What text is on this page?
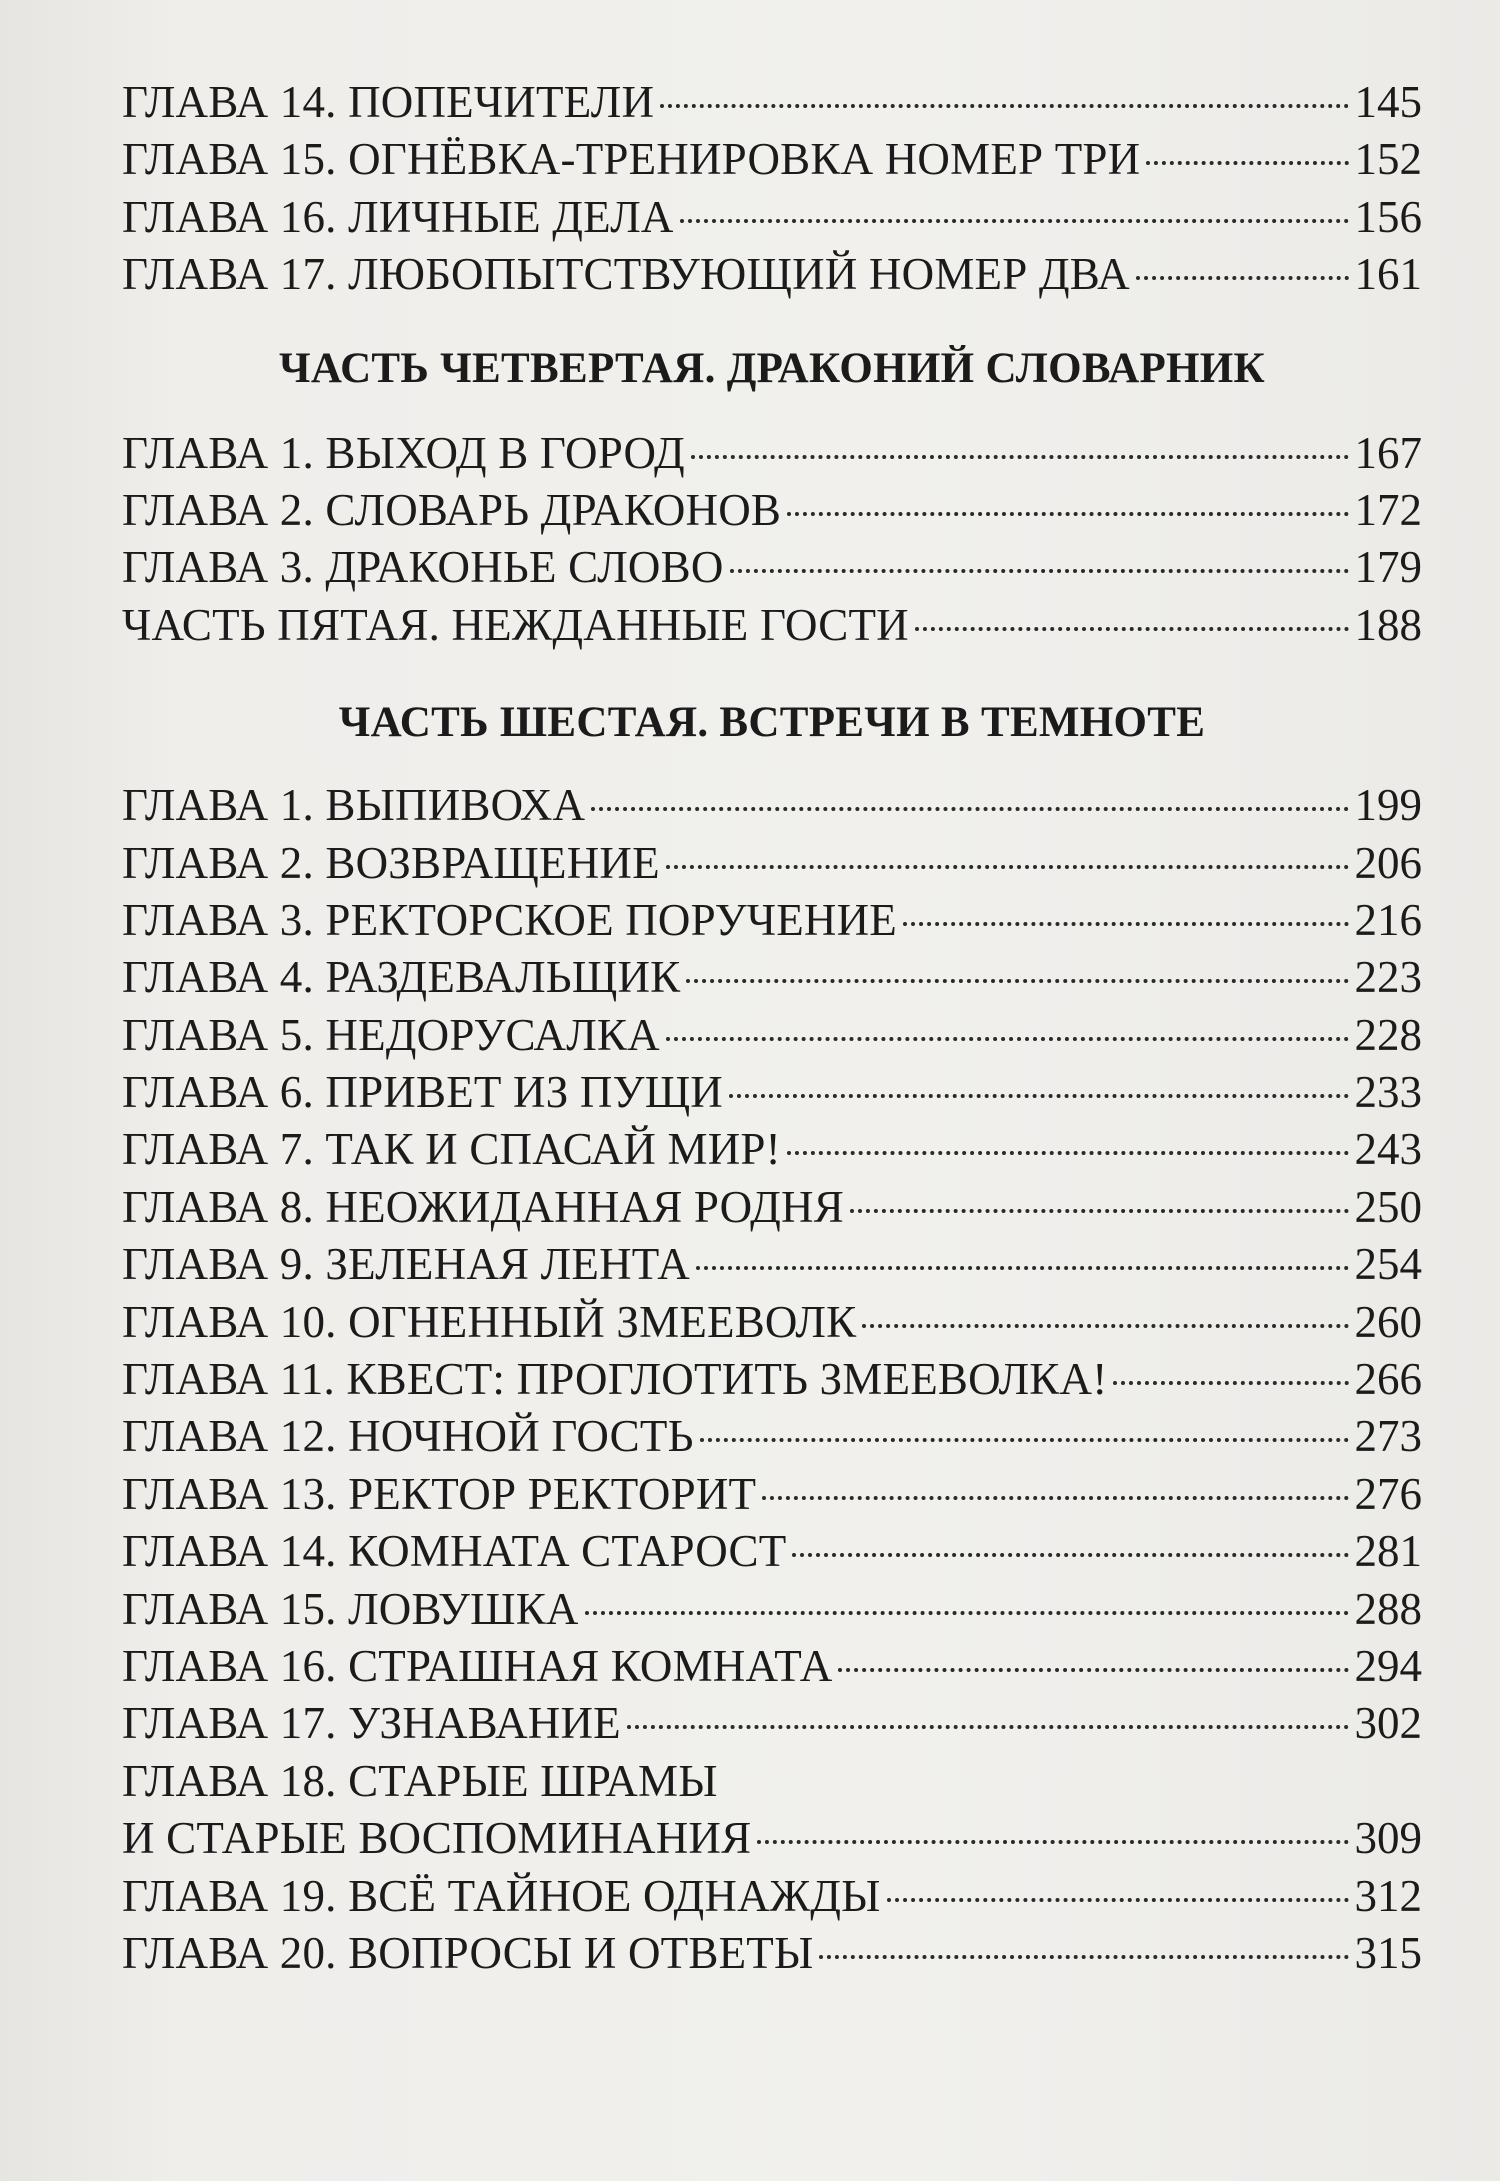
ГЛАВА 14. ПОПЕЧИТЕЛИ	145
ГЛАВА 15. ОГНЁВКА-ТРЕНИРОВКА НОМЕР ТРИ	152
ГЛАВА 16. ЛИЧНЫЕ ДЕЛА	156
ГЛАВА 17. ЛЮБОПЫТСТВУЮЩИЙ НОМЕР ДВА	161
ЧАСТЬ ЧЕТВЕРТАЯ. ДРАКОНИЙ СЛОВАРНИК
ГЛАВА 1. ВЫХОД В ГОРОД	167
ГЛАВА 2. СЛОВАРЬ ДРАКОНОВ	172
ГЛАВА 3. ДРАКОНЬЕ СЛОВО	179
ЧАСТЬ ПЯТАЯ. НЕЖДАННЫЕ ГОСТИ	188
ЧАСТЬ ШЕСТАЯ. ВСТРЕЧИ В ТЕМНОТЕ
ГЛАВА 1. ВЫПИВОХА	199
ГЛАВА 2. ВОЗВРАЩЕНИЕ	206
ГЛАВА 3. РЕКТОРСКОЕ ПОРУЧЕНИЕ	216
ГЛАВА 4. РАЗДЕВАЛЬЩИК	223
ГЛАВА 5. НЕДОРУСАЛКА	228
ГЛАВА 6. ПРИВЕТ ИЗ ПУЩИ	233
ГЛАВА 7. ТАК И СПАСАЙ МИР!	243
ГЛАВА 8. НЕОЖИДАННАЯ РОДНЯ	250
ГЛАВА 9. ЗЕЛЕНАЯ ЛЕНТА	254
ГЛАВА 10. ОГНЕННЫЙ ЗМЕЕВОЛК	260
ГЛАВА 11. КВЕСТ: ПРОГЛОТИТЬ ЗМЕЕВОЛКА!	266
ГЛАВА 12. НОЧНОЙ ГОСТЬ	273
ГЛАВА 13. РЕКТОР РЕКТОРИТ	276
ГЛАВА 14. КОМНАТА СТАРОСТ	281
ГЛАВА 15. ЛОВУШКА	288
ГЛАВА 16. СТРАШНАЯ КОМНАТА	294
ГЛАВА 17. УЗНАВАНИЕ	302
ГЛАВА 18. СТАРЫЕ ШРАМЫ
И СТАРЫЕ ВОСПОМИНАНИЯ	309
ГЛАВА 19. ВСЁ ТАЙНОЕ ОДНАЖДЫ	312
ГЛАВА 20. ВОПРОСЫ И ОТВЕТЫ	315
